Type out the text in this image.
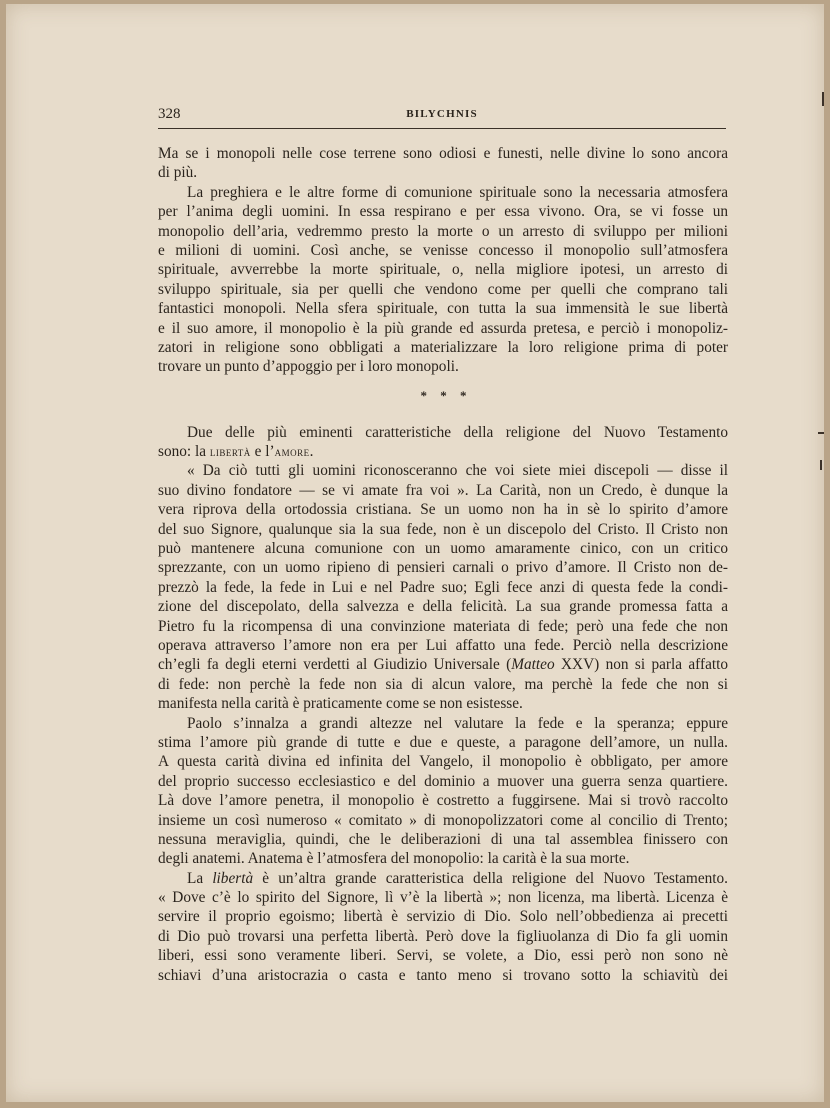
328	BILYCHNIS
Ma se i monopoli nelle cose terrene sono odiosi e funesti, nelle divine lo sono ancora
di più.
La preghiera e le altre forme di comunione spirituale sono la necessaria atmosfera
per l’anima degli uomini. In essa respirano e per essa vivono. Ora, se vi fosse un
monopolio dell’aria, vedremmo presto la morte o un arresto di sviluppo per milioni
e milioni di uomini. Così anche, se venisse concesso il monopolio sull’atmosfera
spirituale, avverrebbe la morte spirituale, o, nella migliore ipotesi, un arresto di
sviluppo spirituale, sia per quelli che vendono come per quelli che comprano tali
fantastici monopoli. Nella sfera spirituale, con tutta la sua immensità le sue libertà
e il suo amore, il monopolio è la più grande ed assurda pretesa, e perciò i monopoliz-
zatori in religione sono obbligati a materializzare la loro religione prima di poter
trovare un punto d’appoggio per i loro monopoli.
* * *
Due delle più eminenti caratteristiche della religione del Nuovo Testamento
sono: la libertà e l’amore.
« Da ciò tutti gli uomini riconosceranno che voi siete miei discepoli — disse il
suo divino fondatore — se vi amate fra voi ». La Carità, non un Credo, è dunque la
vera riprova della ortodossia cristiana. Se un uomo non ha in sè lo spirito d’amore
del suo Signore, qualunque sia la sua fede, non è un discepolo del Cristo. Il Cristo non
può mantenere alcuna comunione con un uomo amaramente cinico, con un critico
sprezzante, con un uomo ripieno di pensieri carnali o privo d’amore. Il Cristo non de-
prezzò la fede, la fede in Lui e nel Padre suo; Egli fece anzi di questa fede la condi-
zione del discepolato, della salvezza e della felicità. La sua grande promessa fatta a
Pietro fu la ricompensa di una convinzione materiata di fede; però una fede che non
operava attraverso l’amore non era per Lui affatto una fede. Perciò nella descrizione
ch’egli fa degli eterni verdetti al Giudizio Universale (Matteo XXV) non si parla affatto
di fede: non perchè la fede non sia di alcun valore, ma perchè la fede che non si
manifesta nella carità è praticamente come se non esistesse.
Paolo s’innalza a grandi altezze nel valutare la fede e la speranza; eppure
stima l’amore più grande di tutte e due e queste, a paragone dell’amore, un nulla.
A questa carità divina ed infinita del Vangelo, il monopolio è obbligato, per amore
del proprio successo ecclesiastico e del dominio a muover una guerra senza quartiere.
Là dove l’amore penetra, il monopolio è costretto a fuggirsene. Mai si trovò raccolto
insieme un così numeroso « comitato » di monopolizzatori come al concilio di Trento;
nessuna meraviglia, quindi, che le deliberazioni di una tal assemblea finissero con
degli anatemi. Anatema è l’atmosfera del monopolio: la carità è la sua morte.
La libertà è un’altra grande caratteristica della religione del Nuovo Testamento.
« Dove c’è lo spirito del Signore, lì v’è la libertà »; non licenza, ma libertà. Licenza è
servire il proprio egoismo; libertà è servizio di Dio. Solo nell’obbedienza ai precetti
di Dio può trovarsi una perfetta libertà. Però dove la figliuolanza di Dio fa gli uomin
liberi, essi sono veramente liberi. Servi, se volete, a Dio, essi però non sono nè
schiavi d’una aristocrazia o casta e tanto meno si trovano sotto la schiavitù dei
